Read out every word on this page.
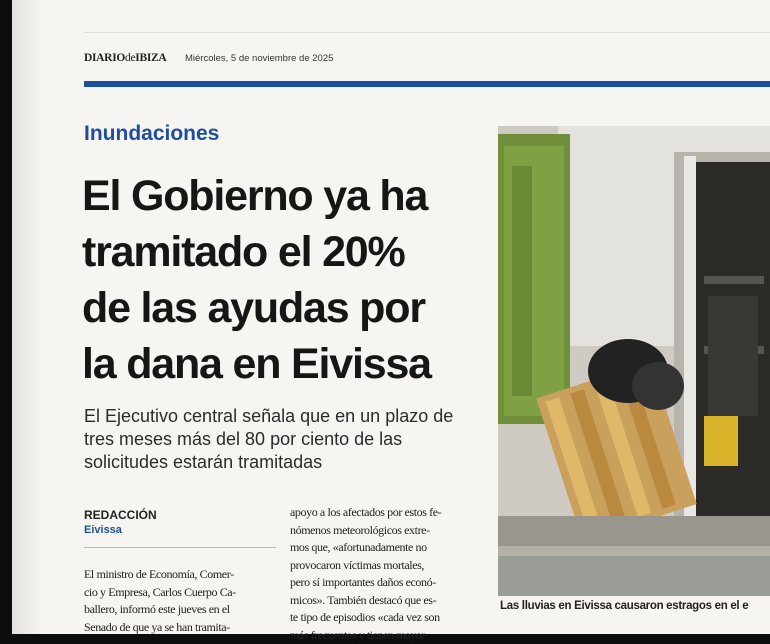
DIARIOdeIBIZA Miércoles, 5 de noviembre de 2025
Inundaciones
El Gobierno ya ha
tramitado el 20%
de las ayudas por
la dana en Eivissa

El Ejecutivo central señala que en un plazo de
tres meses más del 80 por ciento de las
solicitudes estarán tramitadas

REDACCIÓN
Eivissa
El ministro de Economía, Comer-
cio y Empresa, Carlos Cuerpo Ca-
ballero, informó este jueves en el
Senado de que ya se han tramita-
apoyo a los afectados por estos fe-
nómenos meteorológicos extre-
mos que, «afortunadamente no
provocaron víctimas mortales,
pero sí importantes daños econó-
micos». También destacó que es-
te tipo de episodios «cada vez son
más frecuentes y tienen mayor
Las lluvias en Eivissa causaron estragos en el e
